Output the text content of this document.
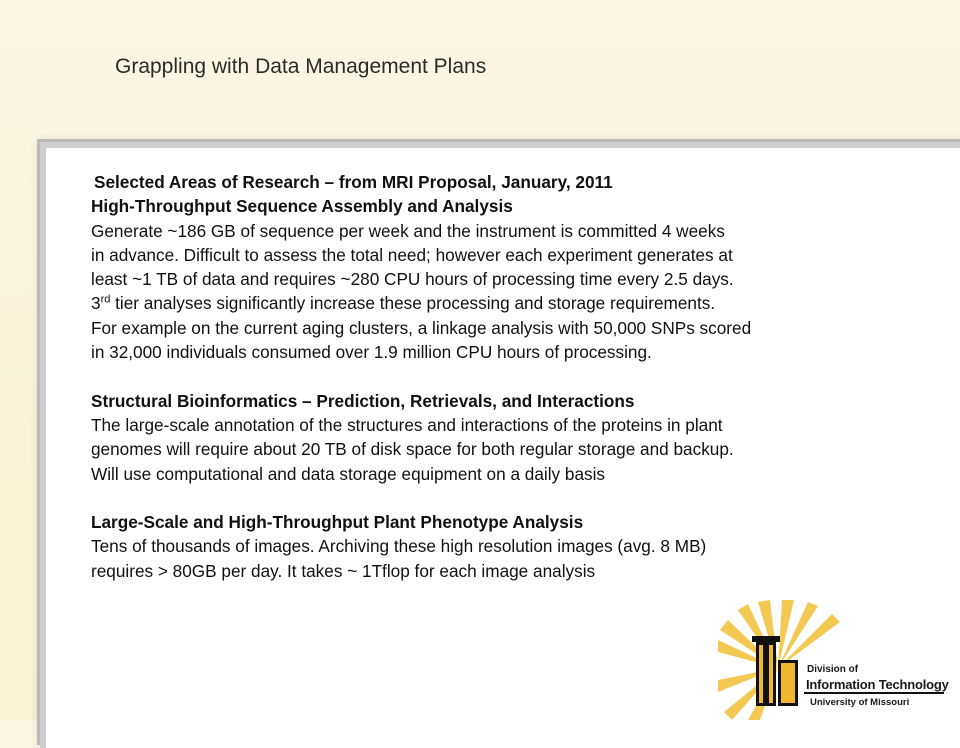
Grappling with Data Management Plans

Selected Areas of Research – from MRI Proposal, January, 2011

High-Throughput Sequence Assembly and Analysis

Generate ~186 GB of sequence per week and the instrument is committed 4 weeks

in advance. Difficult to assess the total need; however each experiment generates at

least ~1 TB of data and requires ~280 CPU hours of processing time every 2.5 days.

3rd tier analyses significantly increase these processing and storage requirements.

For example on the current aging clusters, a linkage analysis with 50,000 SNPs scored

in 32,000 individuals consumed over 1.9 million CPU hours of processing.

Structural Bioinformatics – Prediction, Retrievals, and Interactions

The large-scale annotation of the structures and interactions of the proteins in plant

genomes will require about 20 TB of disk space for both regular storage and backup.

Will use computational and data storage equipment on a daily basis

Large-Scale and High-Throughput Plant Phenotype Analysis

Tens of thousands of images. Archiving these high resolution images (avg. 8 MB)

requires > 80GB per day. It takes ~ 1Tflop for each image analysis

Division of
Information Technology
University of Missouri
